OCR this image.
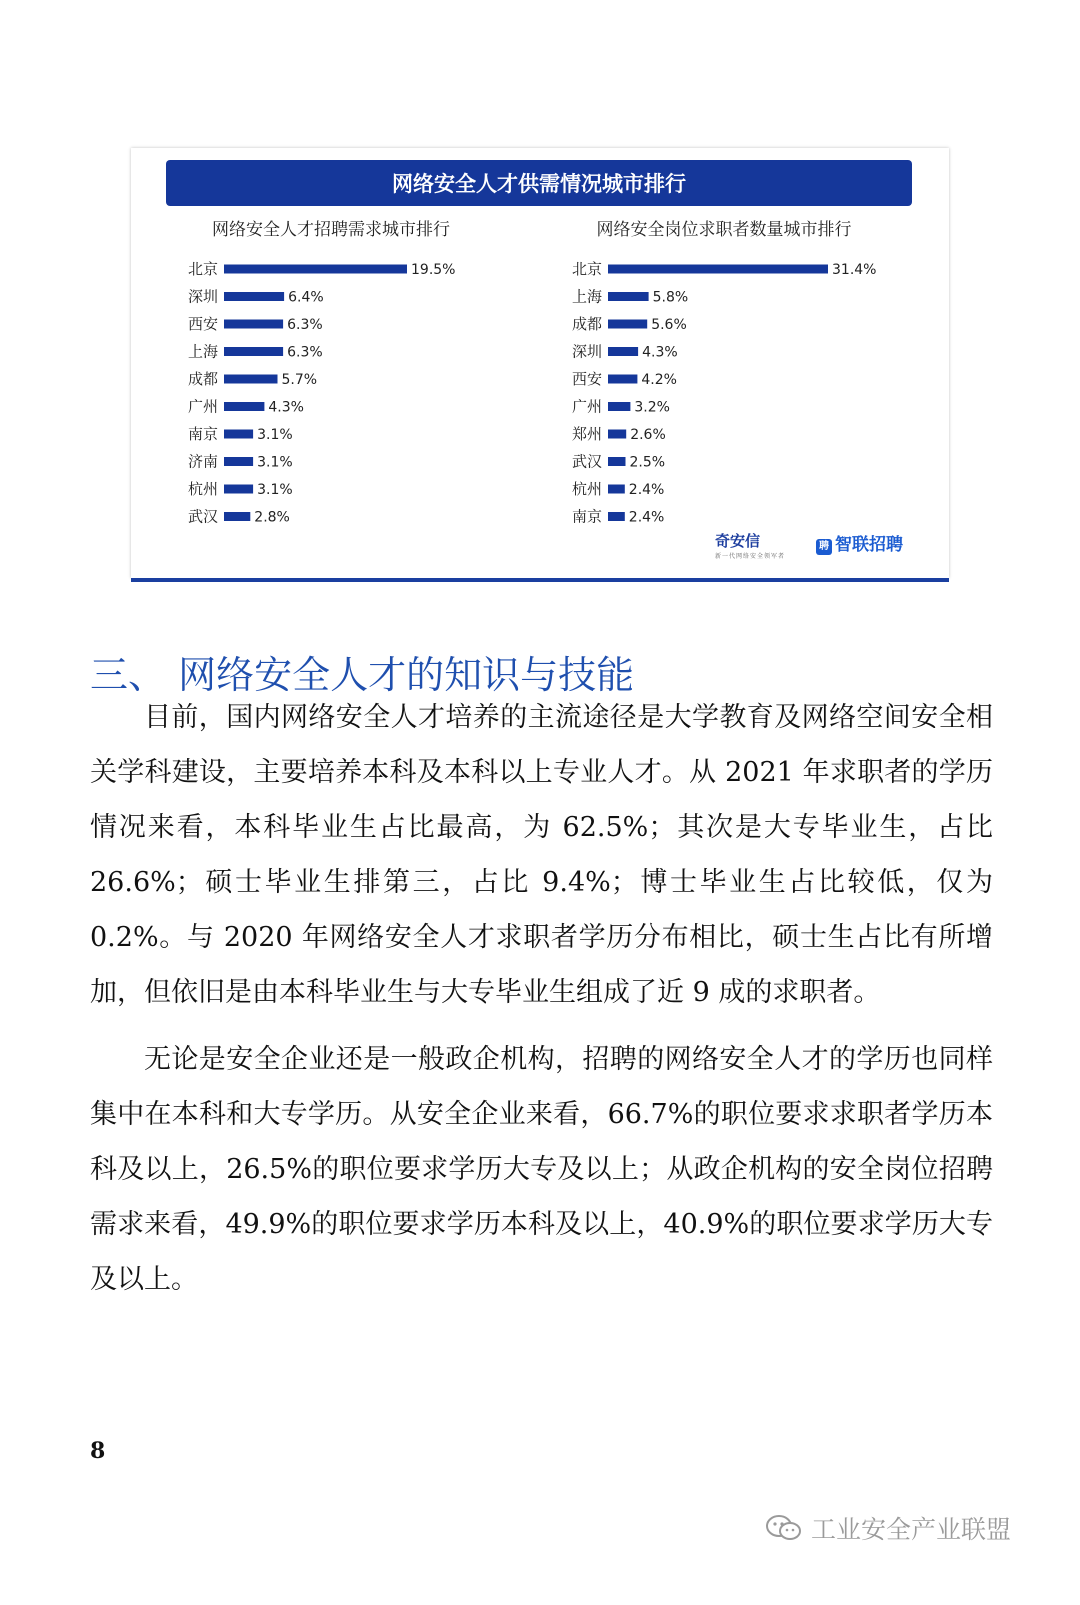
网络安全人才供需情况城市排行
网络安全人才招聘需求城市排行
北京	19.5%
深圳	6.4%
西安	6.3%
上海	6.3%
成都	5.7%
广州	4.3%
南京	3.1%
济南	3.1%
杭州	3.1%
武汉	2.8%
网络安全岗位求职者数量城市排行
北京	31.4%
上海	5.8%
成都	5.6%
深圳	4.3%
西安	4.2%
广州 3.2%
郑州 2.6%
武汉 2.5%
杭州 2.4%
南京 2.4%
奇安信
新一代网络安全领军者
聘 智联招聘
三、 网络安全人才的知识与技能

目前，国内网络安全人才培养的主流途径是大学教育及网络空间安全相关学科建设，主要培养本科及本科以上专业人才。从 2021 年求职者的学历情况来看，本科毕业生占比最高，为 62.5%；其次是大专毕业生，占比 26.6%；硕士毕业生排第三，占比 9.4%；博士毕业生占比较低，仅为 0.2%。与 2020 年网络安全人才求职者学历分布相比，硕士生占比有所增加，但依旧是由本科毕业生与大专毕业生组成了近 9 成的求职者。

无论是安全企业还是一般政企机构，招聘的网络安全人才的学历也同样集中在本科和大专学历。从安全企业来看，66.7%的职位要求求职者学历本科及以上，26.5%的职位要求学历大专及以上；从政企机构的安全岗位招聘需求来看，49.9%的职位要求学历本科及以上，40.9%的职位要求学历大专及以上。

8
工业安全产业联盟
